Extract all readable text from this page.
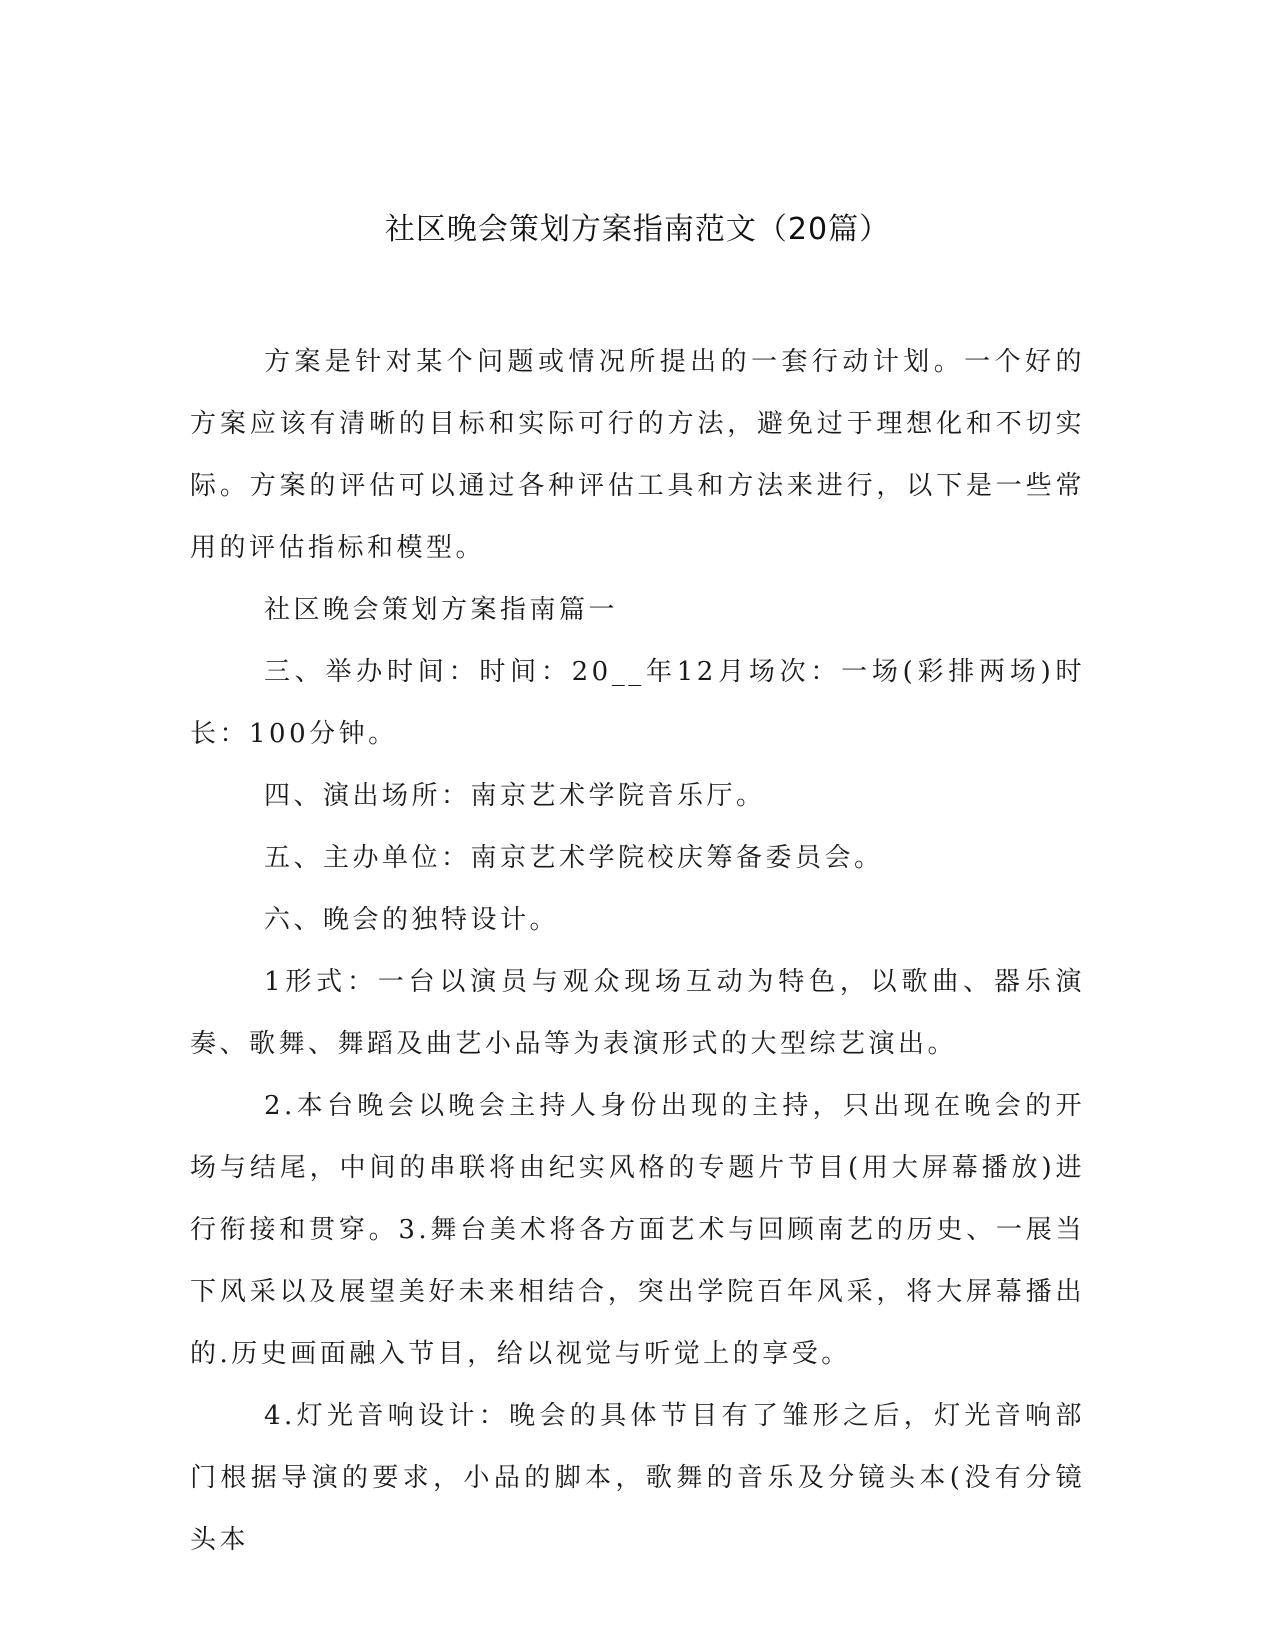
社区晚会策划方案指南范文（20篇）

方案是针对某个问题或情况所提出的一套行动计划。一个好的方案应该有清晰的目标和实际可行的方法，避免过于理想化和不切实际。方案的评估可以通过各种评估工具和方法来进行，以下是一些常用的评估指标和模型。

社区晚会策划方案指南篇一

三、举办时间：时间：20__年12月场次：一场(彩排两场)时长：100分钟。

四、演出场所：南京艺术学院音乐厅。

五、主办单位：南京艺术学院校庆筹备委员会。

六、晚会的独特设计。

1形式：一台以演员与观众现场互动为特色，以歌曲、器乐演奏、歌舞、舞蹈及曲艺小品等为表演形式的大型综艺演出。

2.本台晚会以晚会主持人身份出现的主持，只出现在晚会的开场与结尾，中间的串联将由纪实风格的专题片节目(用大屏幕播放)进行衔接和贯穿。3.舞台美术将各方面艺术与回顾南艺的历史、一展当下风采以及展望美好未来相结合，突出学院百年风采，将大屏幕播出的.历史画面融入节目，给以视觉与听觉上的享受。

4.灯光音响设计：晚会的具体节目有了雏形之后，灯光音响部门根据导演的要求，小品的脚本，歌舞的音乐及分镜头本(没有分镜头本
